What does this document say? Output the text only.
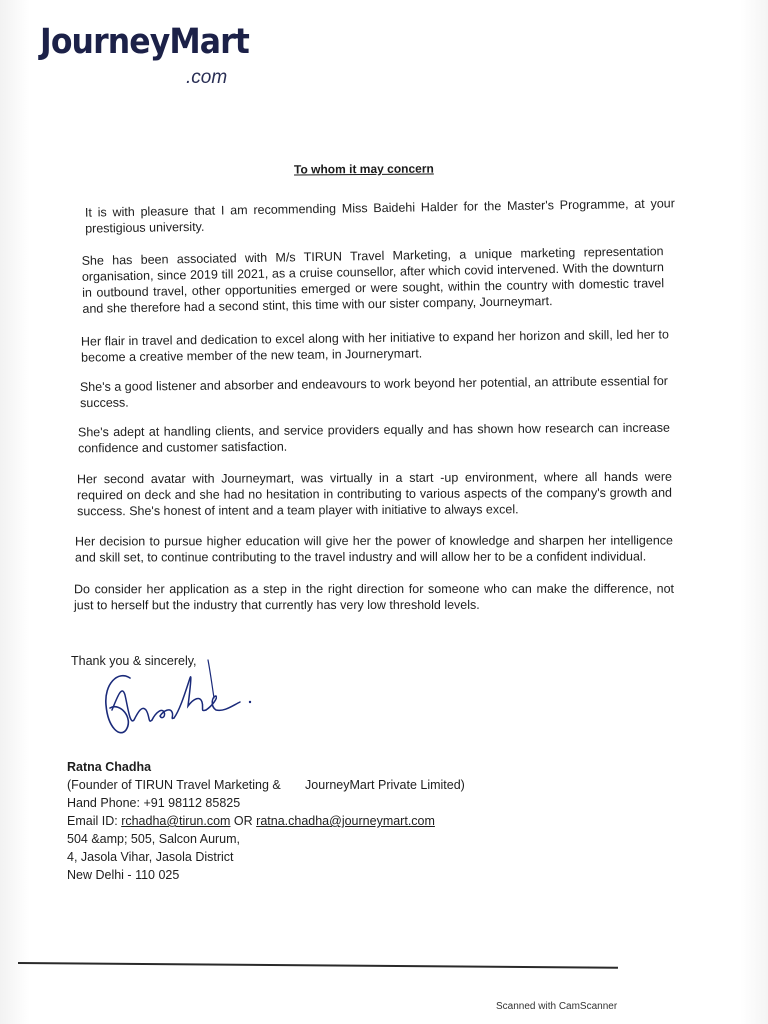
JourneyMart
.com
To whom it may concern

It is with pleasure that I am recommending Miss Baidehi Halder for the Master's Programme, at your prestigious university.

She has been associated with M/s TIRUN Travel Marketing, a unique marketing representation organisation, since 2019 till 2021, as a cruise counsellor, after which covid intervened. With the downturn in outbound travel, other opportunities emerged or were sought, within the country with domestic travel and she therefore had a second stint, this time with our sister company, Journeymart.

Her flair in travel and dedication to excel along with her initiative to expand her horizon and skill, led her to become a creative member of the new team, in Journerymart.

She's a good listener and absorber and endeavours to work beyond her potential, an attribute essential for success.

She's adept at handling clients, and service providers equally and has shown how research can increase confidence and customer satisfaction.

Her second avatar with Journeymart, was virtually in a start -up environment, where all hands were required on deck and she had no hesitation in contributing to various aspects of the company's growth and success. She's honest of intent and a team player with initiative to always excel.

Her decision to pursue higher education will give her the power of knowledge and sharpen her intelligence and skill set, to continue contributing to the travel industry and will allow her to be a confident individual.

Do consider her application as a step in the right direction for someone who can make the difference, not just to herself but the industry that currently has very low threshold levels.

Thank you & sincerely,
Ratna Chadha
(Founder of TIRUN Travel Marketing &       JourneyMart Private Limited)
Hand Phone: +91 98112 85825
Email ID: rchadha@tirun.com OR ratna.chadha@journeymart.com
504 &amp; 505, Salcon Aurum,
4, Jasola Vihar, Jasola District
New Delhi - 110 025
Scanned with CamScanner
